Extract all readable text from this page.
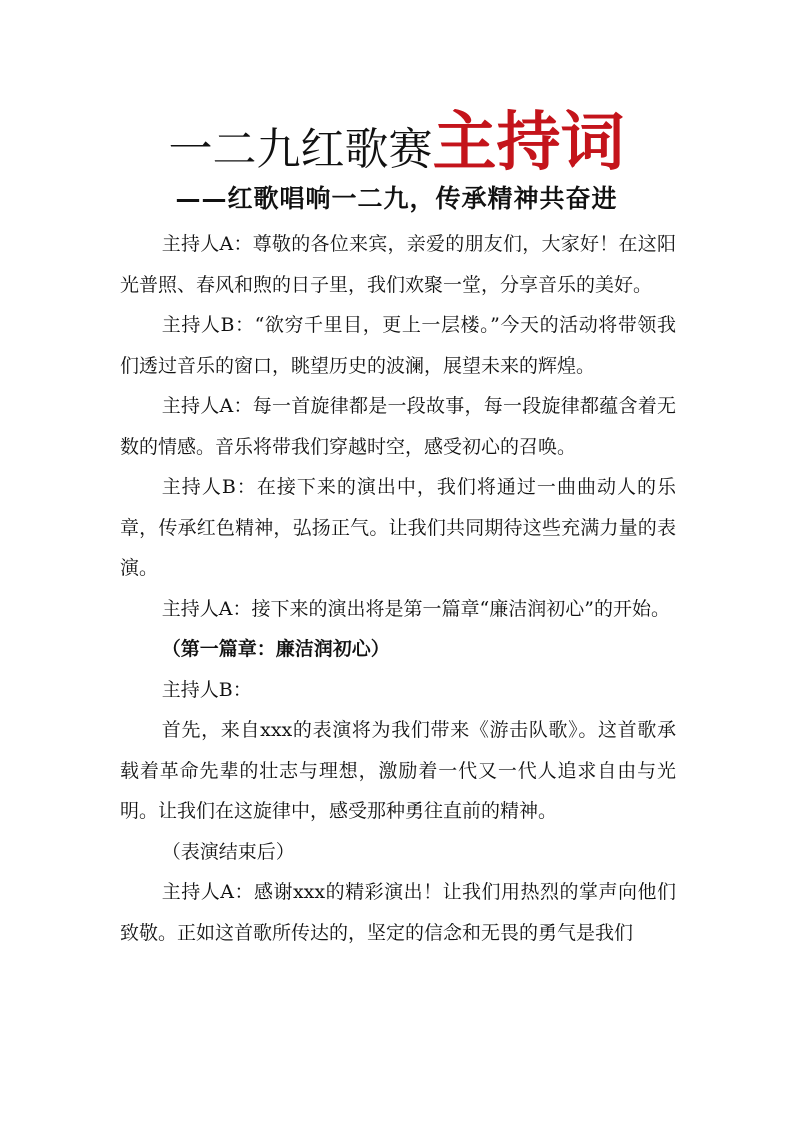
一二九红歌赛主持词
——红歌唱响一二九，传承精神共奋进

主持人A：尊敬的各位来宾，亲爱的朋友们，大家好！在这阳光普照、春风和煦的日子里，我们欢聚一堂，分享音乐的美好。

主持人B：“欲穷千里目，更上一层楼。”今天的活动将带领我们透过音乐的窗口，眺望历史的波澜，展望未来的辉煌。

主持人A：每一首旋律都是一段故事，每一段旋律都蕴含着无数的情感。音乐将带我们穿越时空，感受初心的召唤。

主持人B：在接下来的演出中，我们将通过一曲曲动人的乐章，传承红色精神，弘扬正气。让我们共同期待这些充满力量的表演。

主持人A：接下来的演出将是第一篇章“廉洁润初心”的开始。

（第一篇章：廉洁润初心）

主持人B：

首先，来自xxx的表演将为我们带来《游击队歌》。这首歌承载着革命先辈的壮志与理想，激励着一代又一代人追求自由与光明。让我们在这旋律中，感受那种勇往直前的精神。

（表演结束后）

主持人A：感谢xxx的精彩演出！让我们用热烈的掌声向他们致敬。正如这首歌所传达的，坚定的信念和无畏的勇气是我们
